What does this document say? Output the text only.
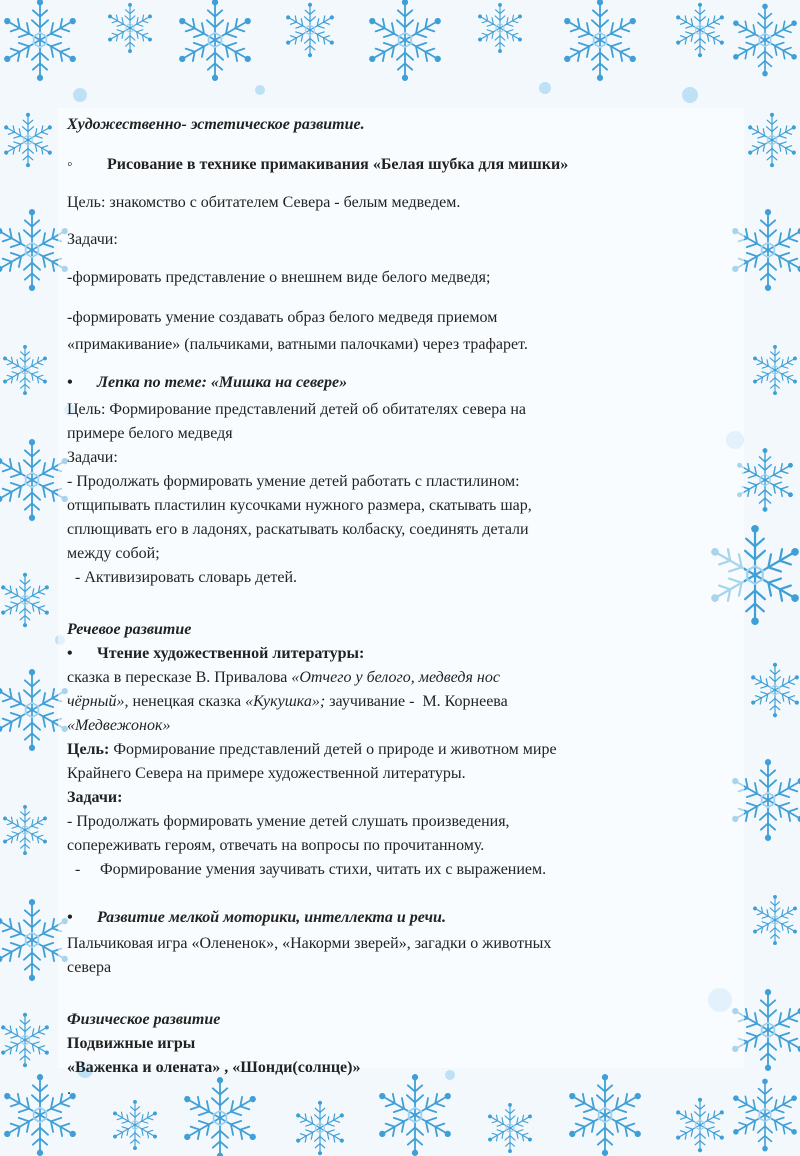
Художественно- эстетическое развитие.
◦ Рисование в технике примакивания «Белая шубка для мишки»
Цель: знакомство с обитателем Севера - белым медведем.
Задачи:
-формировать представление о внешнем виде белого медведя;
-формировать умение создавать образ белого медведя приемом
«примакивание» (пальчиками, ватными палочками) через трафарет.
• Лепка по теме: «Мишка на севере»
Цель: Формирование представлений детей об обитателях севера на
примере белого медведя
Задачи:
- Продолжать формировать умение детей работать с пластилином:
отщипывать пластилин кусочками нужного размера, скатывать шар,
сплющивать его в ладонях, раскатывать колбаску, соединять детали
между собой;
- Активизировать словарь детей.
Речевое развитие
• Чтение художественной литературы:
сказка в пересказе В. Привалова «Отчего у белого, медведя нос
чёрный», ненецкая сказка «Кукушка»; заучивание -  М. Корнеева
«Медвежонок»
Цель: Формирование представлений детей о природе и животном мире
Крайнего Севера на примере художественной литературы.
Задачи:
- Продолжать формировать умение детей слушать произведения,
сопереживать героям, отвечать на вопросы по прочитанному.
- Формирование умения заучивать стихи, читать их с выражением.
• Развитие мелкой моторики, интеллекта и речи.
Пальчиковая игра «Олененок», «Накорми зверей», загадки о животных
севера
Физическое развитие
Подвижные игры
«Важенка и олената» , «Шонди(солнце)»
.
